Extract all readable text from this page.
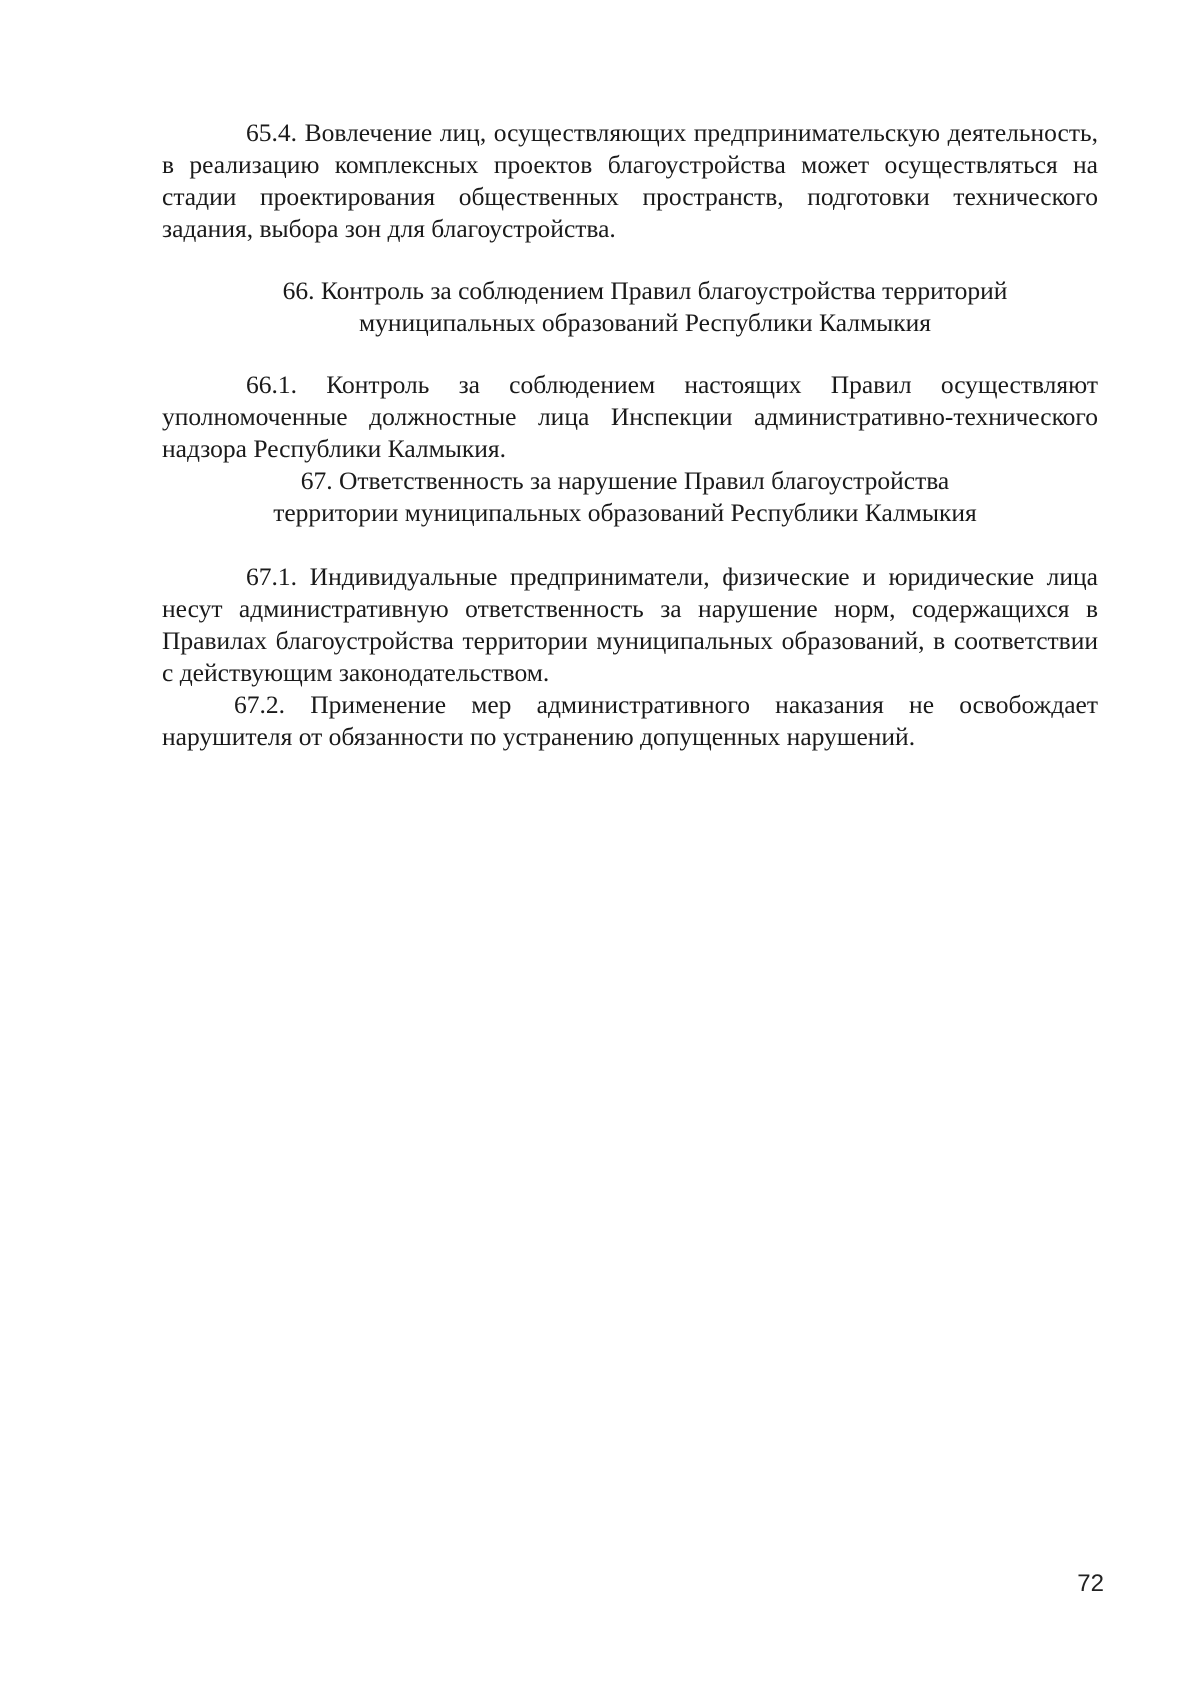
65.4. Вовлечение лиц, осуществляющих предпринимательскую деятельность, в реализацию комплексных проектов благоустройства может осуществляться на стадии проектирования общественных пространств, подготовки технического задания, выбора зон для благоустройства.

66. Контроль за соблюдением Правил благоустройства территорий
муниципальных образований Республики Калмыкия

66.1. Контроль за соблюдением настоящих Правил осуществляют уполномоченные должностные лица Инспекции административно-технического надзора Республики Калмыкия.

67. Ответственность за нарушение Правил благоустройства
территории муниципальных образований Республики Калмыкия

67.1. Индивидуальные предприниматели, физические и юридические лица несут административную ответственность за нарушение норм, содержащихся в Правилах благоустройства территории муниципальных образований, в соответствии с действующим законодательством.

67.2. Применение мер административного наказания не освобождает нарушителя от обязанности по устранению допущенных нарушений.

72
